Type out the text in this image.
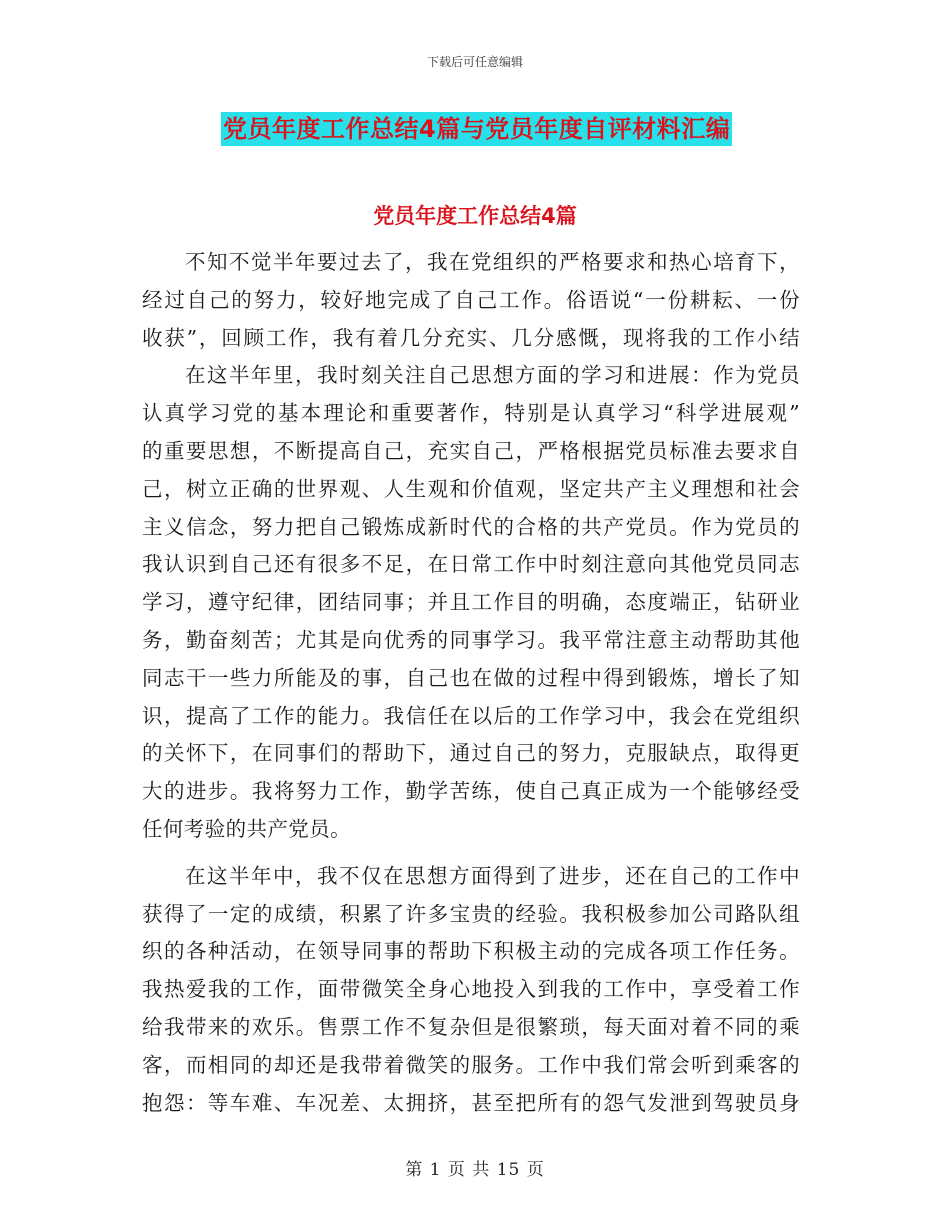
下载后可任意编辑
党员年度工作总结4篇与党员年度自评材料汇编
党员年度工作总结4篇
不知不觉半年要过去了，我在党组织的严格要求和热心培育下，
经过自己的努力，较好地完成了自己工作。俗语说“一份耕耘、一份
收获”，回顾工作，我有着几分充实、几分感慨，现将我的工作小结
在这半年里，我时刻关注自己思想方面的学习和进展：作为党员
认真学习党的基本理论和重要著作，特别是认真学习“科学进展观”
的重要思想，不断提高自己，充实自己，严格根据党员标准去要求自
己，树立正确的世界观、人生观和价值观，坚定共产主义理想和社会
主义信念，努力把自己锻炼成新时代的合格的共产党员。作为党员的
我认识到自己还有很多不足，在日常工作中时刻注意向其他党员同志
学习，遵守纪律，团结同事；并且工作目的明确，态度端正，钻研业
务，勤奋刻苦；尤其是向优秀的同事学习。我平常注意主动帮助其他
同志干一些力所能及的事，自己也在做的过程中得到锻炼，增长了知
识，提高了工作的能力。我信任在以后的工作学习中，我会在党组织
的关怀下，在同事们的帮助下，通过自己的努力，克服缺点，取得更
大的进步。我将努力工作，勤学苦练，使自己真正成为一个能够经受
任何考验的共产党员。
在这半年中，我不仅在思想方面得到了进步，还在自己的工作中
获得了一定的成绩，积累了许多宝贵的经验。我积极参加公司路队组
织的各种活动，在领导同事的帮助下积极主动的完成各项工作任务。
我热爱我的工作，面带微笑全身心地投入到我的工作中，享受着工作
给我带来的欢乐。售票工作不复杂但是很繁琐，每天面对着不同的乘
客，而相同的却还是我带着微笑的服务。工作中我们常会听到乘客的
抱怨：等车难、车况差、太拥挤，甚至把所有的怨气发泄到驾驶员身
第 1 页 共 15 页
